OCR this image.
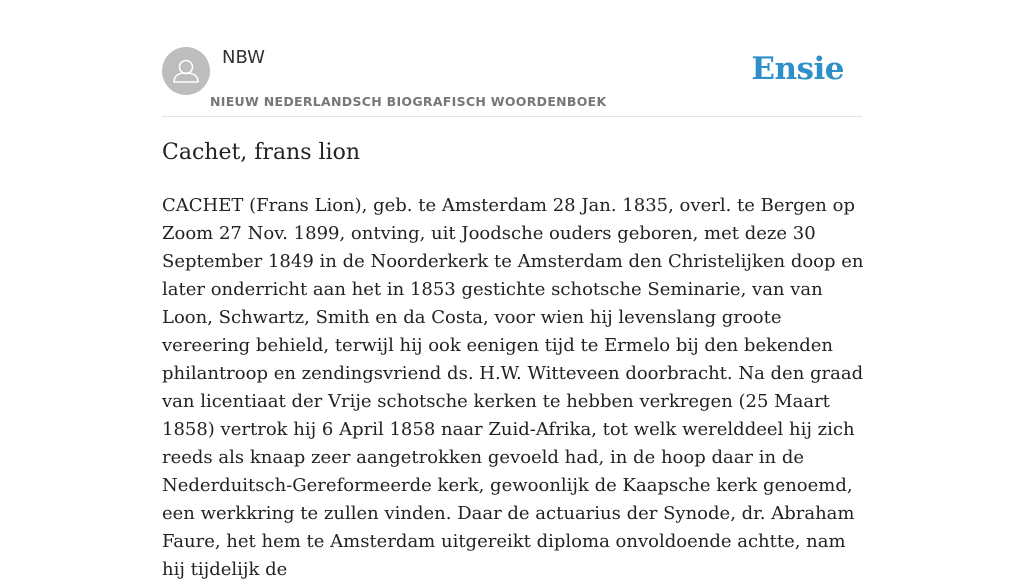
NBW
NIEUW NEDERLANDSCH BIOGRAFISCH WOORDENBOEK
Ensie
Cachet, frans lion

CACHET (Frans Lion), geb. te Amsterdam 28 Jan. 1835, overl. te Bergen op Zoom 27 Nov. 1899, ontving, uit Joodsche ouders geboren, met deze 30 September 1849 in de Noorderkerk te Amsterdam den Christelijken doop en later onderricht aan het in 1853 gestichte schotsche Seminarie, van van Loon, Schwartz, Smith en da Costa, voor wien hij levenslang groote vereering behield, terwijl hij ook eenigen tijd te Ermelo bij den bekenden philantroop en zendingsvriend ds. H.W. Witteveen doorbracht. Na den graad van licentiaat der Vrije schotsche kerken te hebben verkregen (25 Maart 1858) vertrok hij 6 April 1858 naar Zuid-Afrika, tot welk werelddeel hij zich reeds als knaap zeer aangetrokken gevoeld had, in de hoop daar in de Nederduitsch-Gereformeerde kerk, gewoonlijk de Kaapsche kerk genoemd, een werkkring te zullen vinden. Daar de actuarius der Synode, dr. Abraham Faure, het hem te Amsterdam uitgereikt diploma onvoldoende achtte, nam hij tijdelijk de
